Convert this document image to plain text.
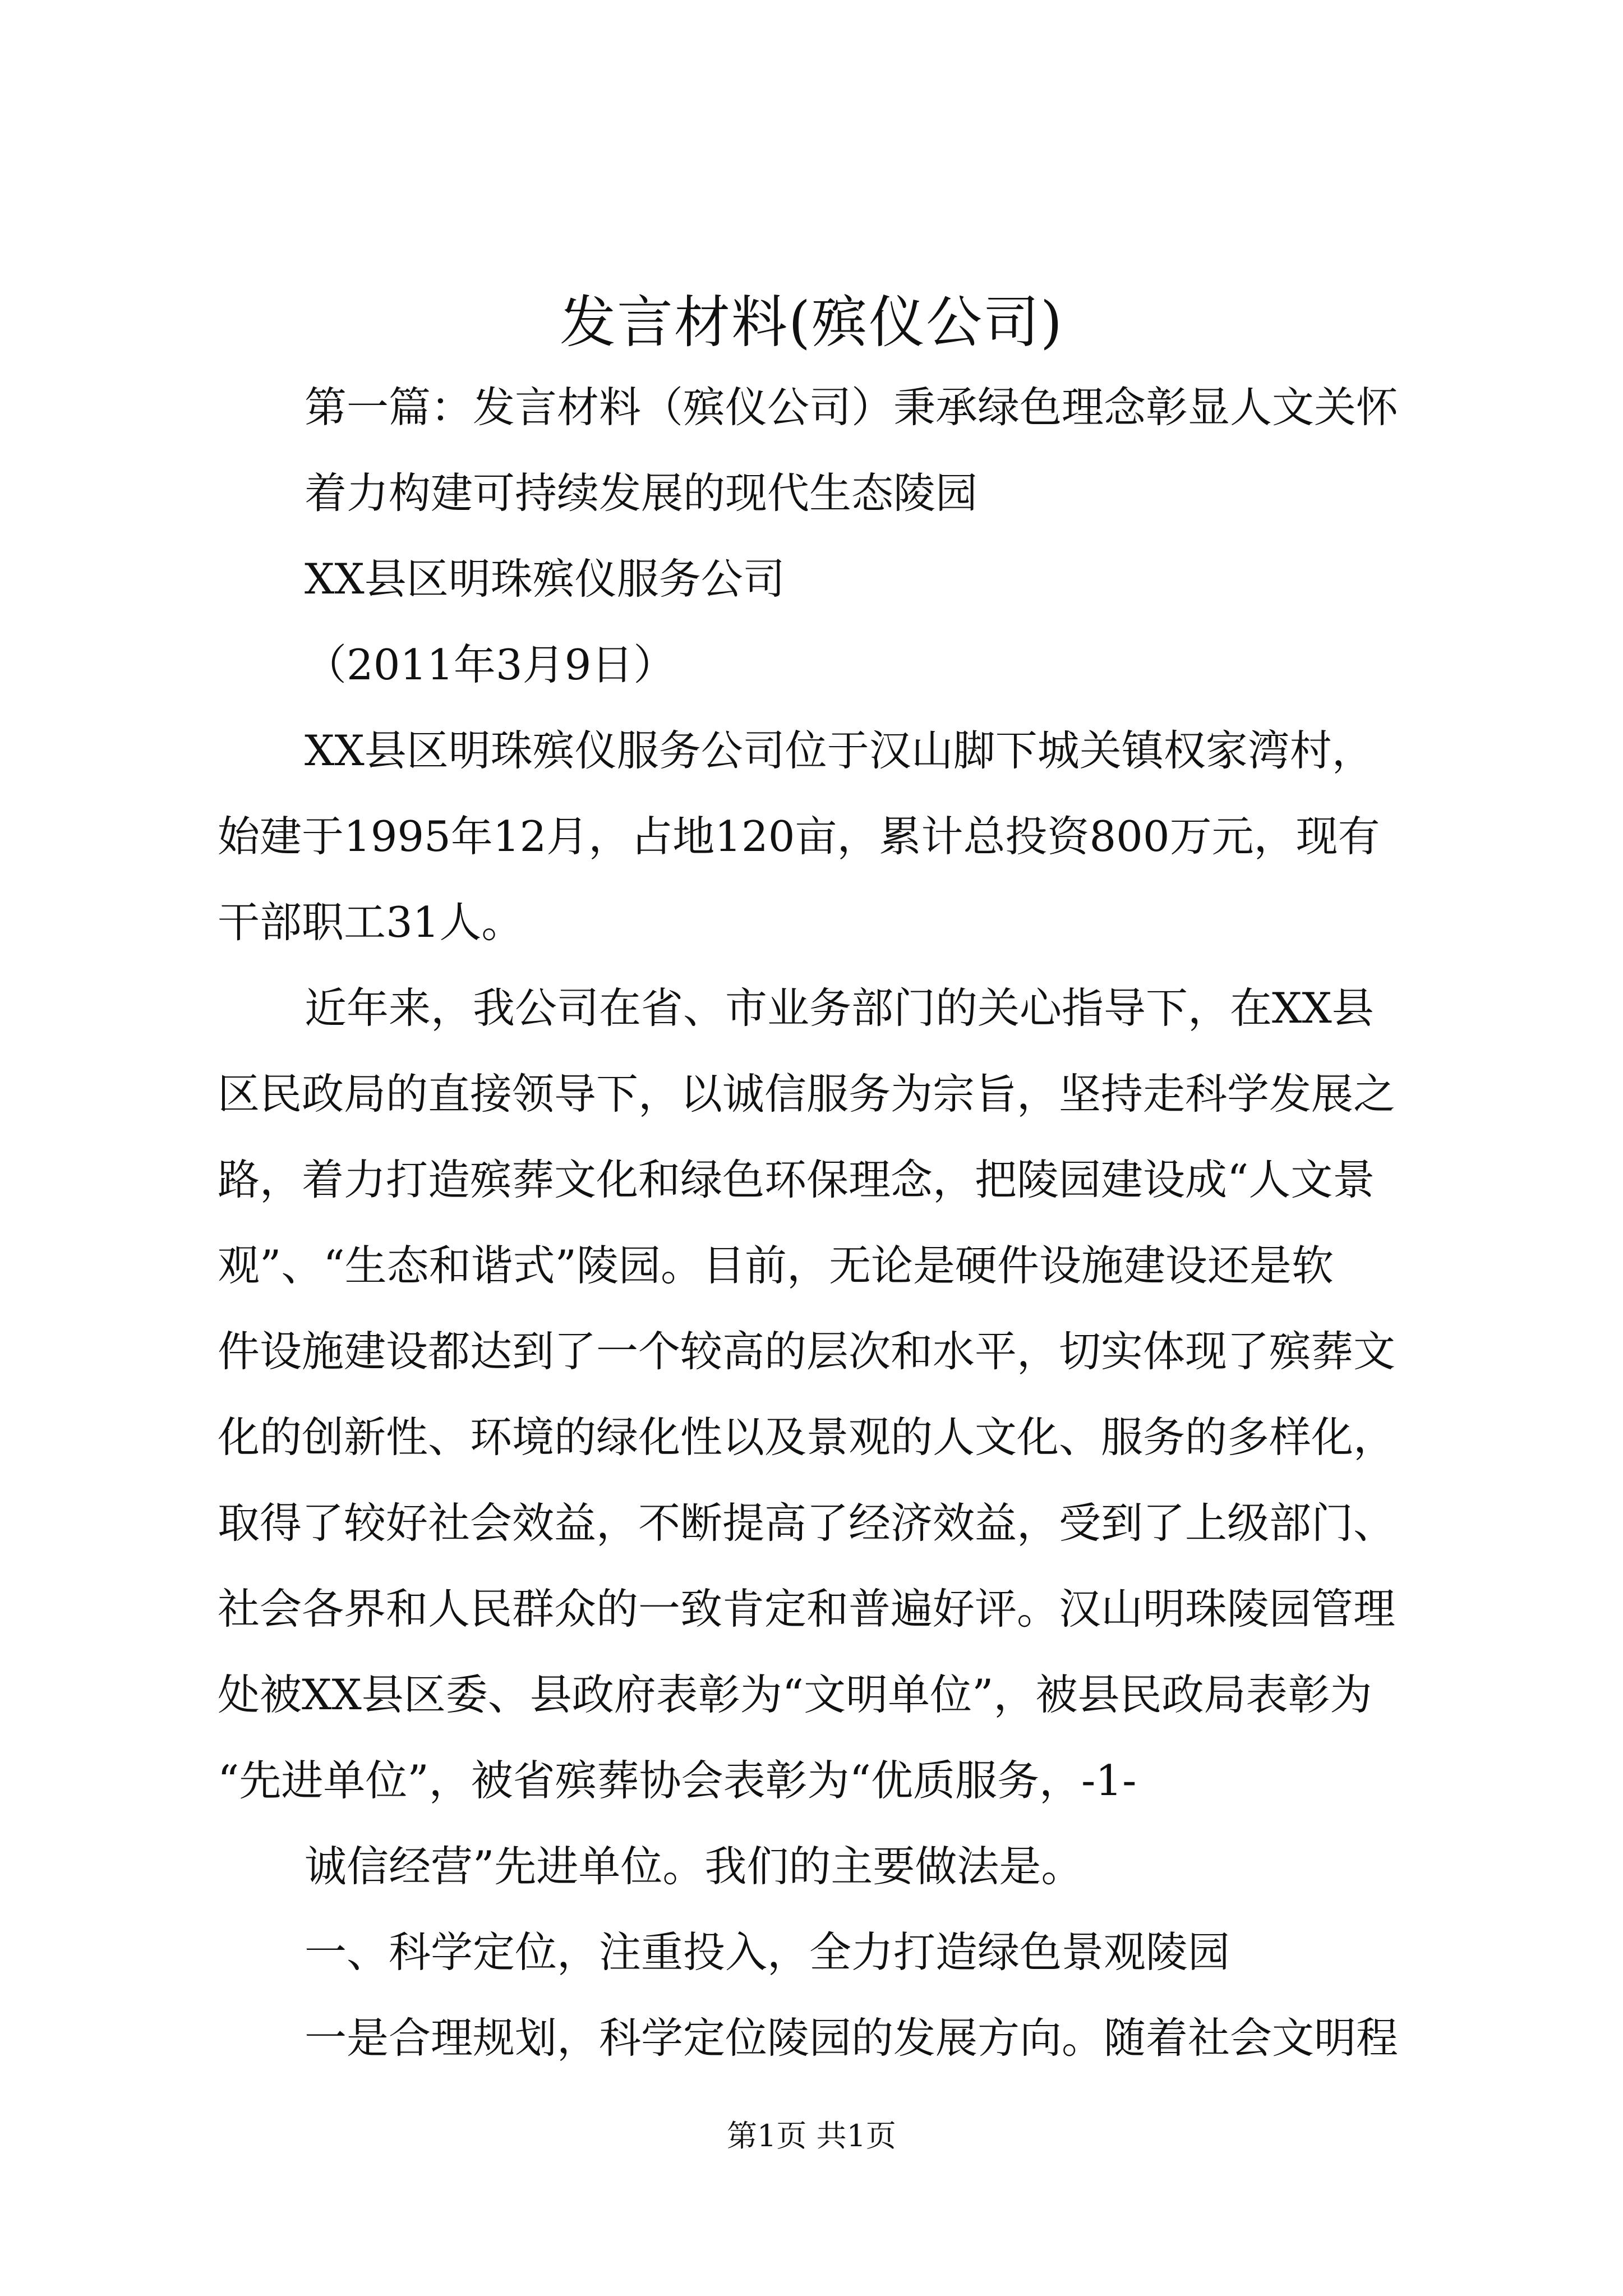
发言材料(殡仪公司)
第一篇：发言材料（殡仪公司）秉承绿色理念彰显人文关怀
着力构建可持续发展的现代生态陵园
XX县区明珠殡仪服务公司
（2011年3月9日）
XX县区明珠殡仪服务公司位于汉山脚下城关镇权家湾村，
始建于1995年12月，占地120亩，累计总投资800万元，现有
干部职工31人。
近年来，我公司在省、市业务部门的关心指导下，在XX县
区民政局的直接领导下，以诚信服务为宗旨，坚持走科学发展之
路，着力打造殡葬文化和绿色环保理念，把陵园建设成“人文景
观”、“生态和谐式”陵园。目前，无论是硬件设施建设还是软
件设施建设都达到了一个较高的层次和水平，切实体现了殡葬文
化的创新性、环境的绿化性以及景观的人文化、服务的多样化，
取得了较好社会效益，不断提高了经济效益，受到了上级部门、
社会各界和人民群众的一致肯定和普遍好评。汉山明珠陵园管理
处被XX县区委、县政府表彰为“文明单位”，被县民政局表彰为
“先进单位”，被省殡葬协会表彰为“优质服务，-1-
诚信经营”先进单位。我们的主要做法是。
一、科学定位，注重投入，全力打造绿色景观陵园
一是合理规划，科学定位陵园的发展方向。随着社会文明程
第1页 共1页
